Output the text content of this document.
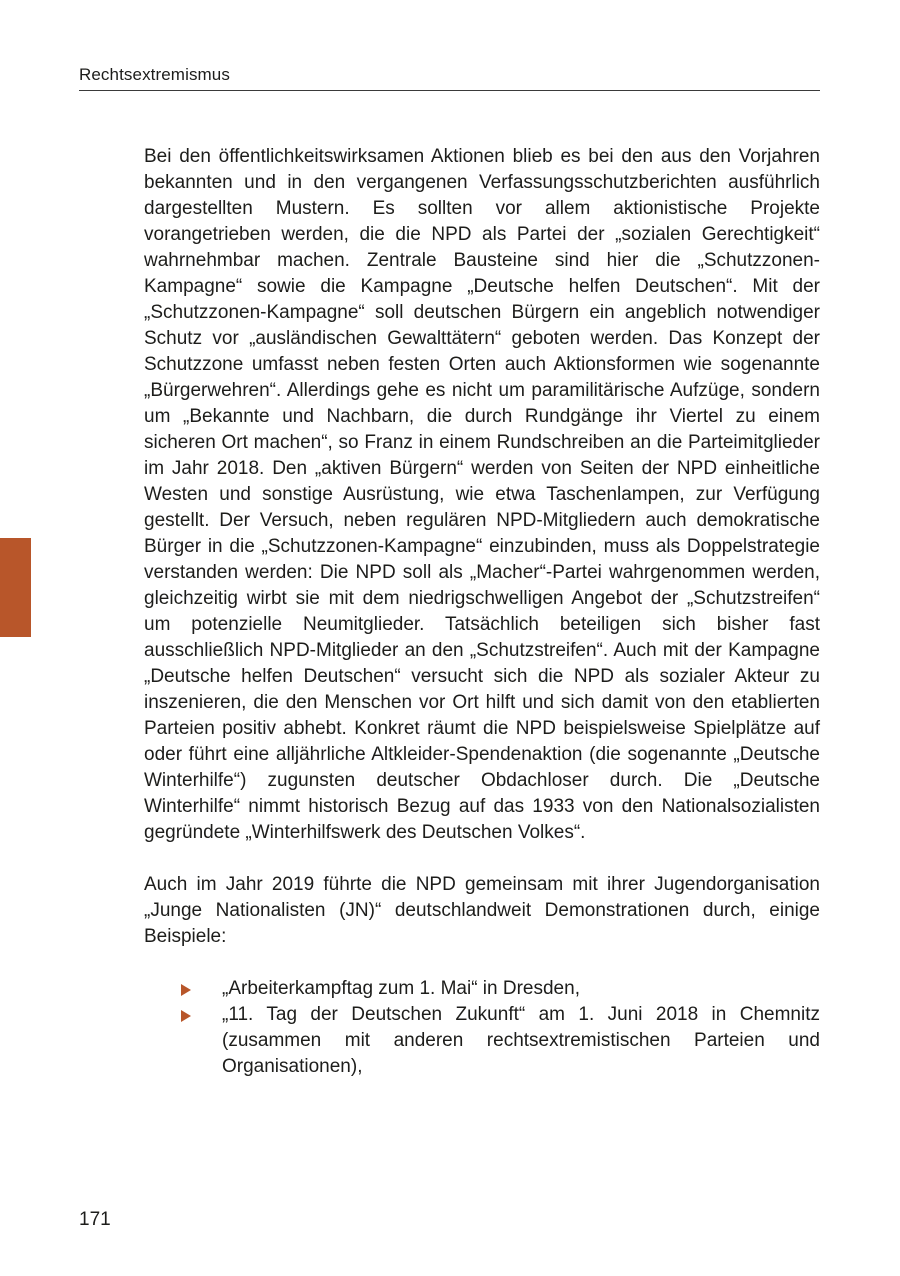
Rechtsextremismus

Bei den öffentlichkeitswirksamen Aktionen blieb es bei den aus den Vorjahren bekannten und in den vergangenen Verfassungsschutzberichten ausführlich dargestellten Mustern. Es sollten vor allem aktionistische Projekte vorangetrieben werden, die die NPD als Partei der „sozialen Gerechtigkeit“ wahrnehmbar machen. Zentrale Bausteine sind hier die „Schutzzonen-Kampagne“ sowie die Kampagne „Deutsche helfen Deutschen“. Mit der „Schutzzonen-Kampagne“ soll deutschen Bürgern ein angeblich notwendiger Schutz vor „ausländischen Gewalttätern“ geboten werden. Das Konzept der Schutzzone umfasst neben festen Orten auch Aktionsformen wie sogenannte „Bürgerwehren“. Allerdings gehe es nicht um paramilitärische Aufzüge, sondern um „Bekannte und Nachbarn, die durch Rundgänge ihr Viertel zu einem sicheren Ort machen“, so Franz in einem Rundschreiben an die Parteimitglieder im Jahr 2018. Den „aktiven Bürgern“ werden von Seiten der NPD einheitliche Westen und sonstige Ausrüstung, wie etwa Taschenlampen, zur Verfügung gestellt. Der Versuch, neben regulären NPD-Mitgliedern auch demokratische Bürger in die „Schutzzonen-Kampagne“ einzubinden, muss als Doppelstrategie verstanden werden: Die NPD soll als „Macher“-Partei wahrgenommen werden, gleichzeitig wirbt sie mit dem niedrigschwelligen Angebot der „Schutzstreifen“ um potenzielle Neumitglieder. Tatsächlich beteiligen sich bisher fast ausschließlich NPD-Mitglieder an den „Schutzstreifen“. Auch mit der Kampagne „Deutsche helfen Deutschen“ versucht sich die NPD als sozialer Akteur zu inszenieren, die den Menschen vor Ort hilft und sich damit von den etablierten Parteien positiv abhebt. Konkret räumt die NPD beispielsweise Spielplätze auf oder führt eine alljährliche Altkleider-Spendenaktion (die sogenannte „Deutsche Winterhilfe“) zugunsten deutscher Obdachloser durch. Die „Deutsche Winterhilfe“ nimmt historisch Bezug auf das 1933 von den Nationalsozialisten gegründete „Winterhilfswerk des Deutschen Volkes“.

Auch im Jahr 2019 führte die NPD gemeinsam mit ihrer Jugendorganisation „Junge Nationalisten (JN)“ deutschlandweit Demonstrationen durch, einige Beispiele:

„Arbeiterkampftag zum 1. Mai“ in Dresden,
„11. Tag der Deutschen Zukunft“ am 1. Juni 2018 in Chemnitz (zusammen mit anderen rechtsextremistischen Parteien und Organisationen),
171
